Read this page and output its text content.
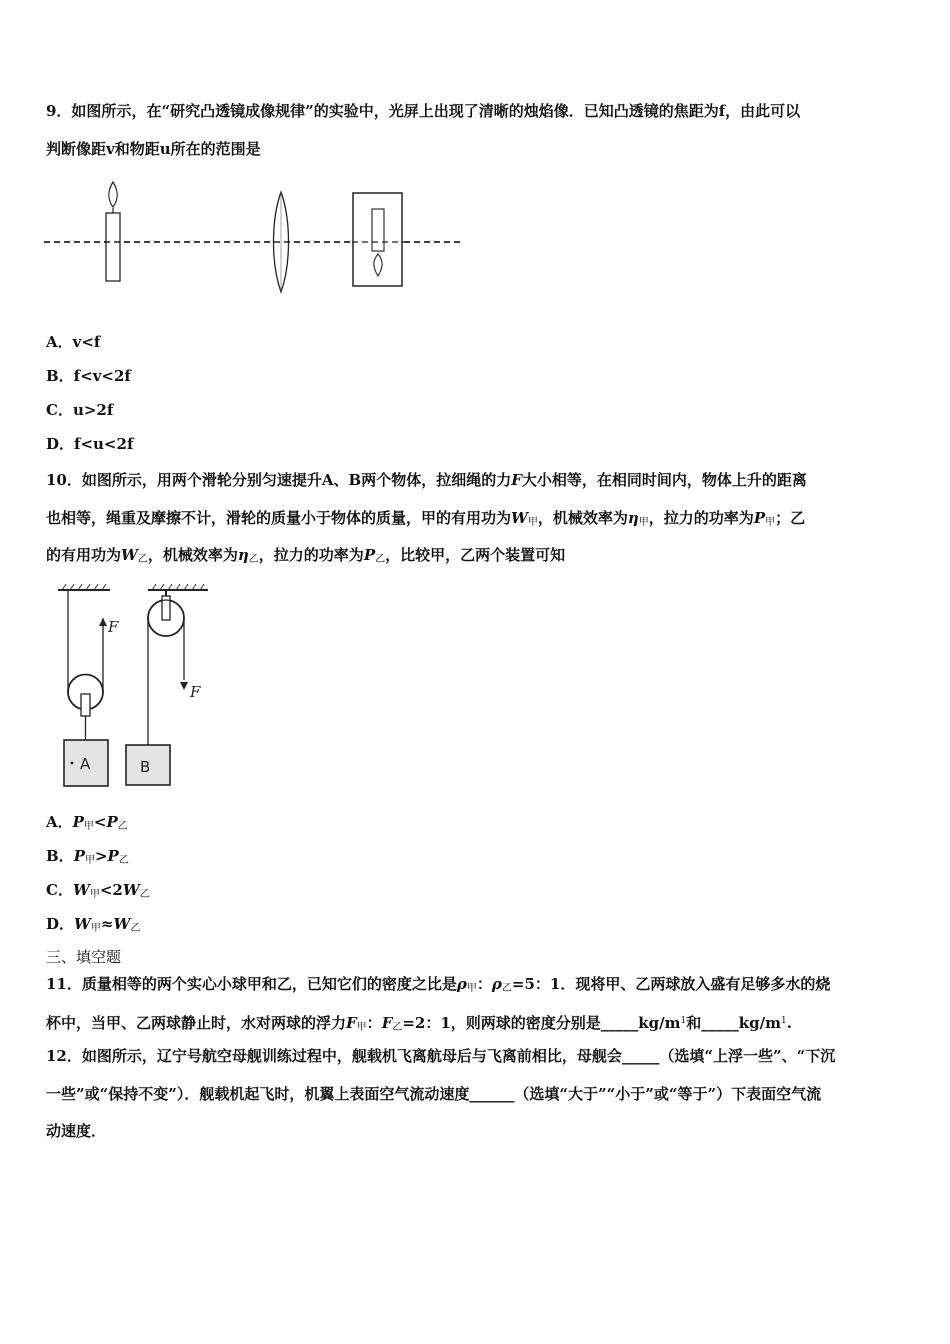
9．如图所示，在“研究凸透镜成像规律”的实验中，光屏上出现了清晰的烛焰像．已知凸透镜的焦距为f，由此可以
判断像距v和物距u所在的范围是
A．v<f
B．f<v<2f
C．u>2f
D．f<u<2f
10．如图所示，用两个滑轮分别匀速提升A、B两个物体，拉细绳的力F大小相等，在相同时间内，物体上升的距离
也相等，绳重及摩擦不计，滑轮的质量小于物体的质量，甲的有用功为$W_甲$，机械效率为$\eta_甲$，拉力的功率为$P_甲$；乙
的有用功为$W_乙$，机械效率为$\eta_乙$，拉力的功率为$P_乙$，比较甲，乙两个装置可知
F
F
A	B
A．$P_甲<P_乙$
B．$P_甲>P_乙$
C．$W_甲<2W_乙$
D．$W_甲\approx W_乙$
三、填空题
11．质量相等的两个实心小球甲和乙，已知它们的密度之比是$\rho_甲$：$\rho_乙=5$：1．现将甲、乙两球放入盛有足够多水的烧
杯中，当甲、乙两球静止时，水对两球的浮力$F_甲$：$F_乙=2$：1，则两球的密度分别是$\_\_\_\_\_kg/m^1$和$\_\_\_\_\_kg/m^1$.
12．如图所示，辽宁号航空母舰训练过程中，舰载机飞离航母后与飞离前相比，母舰会_____（选填“上浮一些”、“下沉
一些”或“保持不变”）．舰载机起飞时，机翼上表面空气流动速度______（选填“大于”“小于”或“等于”）下表面空气流
动速度．
